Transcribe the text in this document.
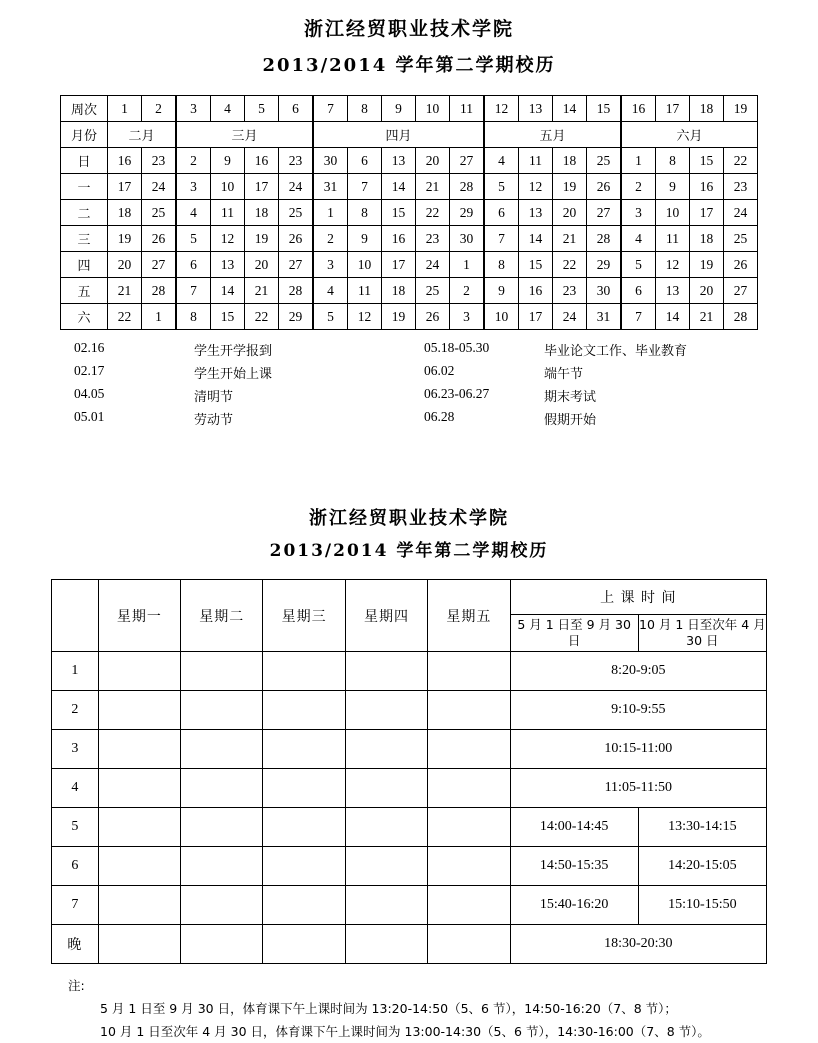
浙江经贸职业技术学院
2013/2014 学年第二学期校历
周次	1	2	3	4	5	6	7	8	9	10	11	12	13	14	15	16	17	18	19
月份	二月		三月				四月					五月				六月			
日	16	23	2	9	16	23	30	6	13	20	27	4	11	18	25	1	8	15	22
一	17	24	3	10	17	24	31	7	14	21	28	5	12	19	26	2	9	16	23
二	18	25	4	11	18	25	1	8	15	22	29	6	13	20	27	3	10	17	24
三	19	26	5	12	19	26	2	9	16	23	30	7	14	21	28	4	11	18	25
四	20	27	6	13	20	27	3	10	17	24	1	8	15	22	29	5	12	19	26
五	21	28	7	14	21	28	4	11	18	25	2	9	16	23	30	6	13	20	27
六	22	1	8	15	22	29	5	12	19	26	3	10	17	24	31	7	14	21	28
02.16	学生开学报到	05.18-05.30	毕业论文工作、毕业教育
02.17	学生开始上课	06.02	端午节
04.05	清明节	06.23-06.27	期末考试
05.01	劳动节	06.28	假期开始
浙江经贸职业技术学院
2013/2014 学年第二学期校历
	星期一	星期二	星期三	星期四	星期五	上 课 时 间	
						5 月 1 日至 9 月 30 日	10 月 1 日至次年 4 月 30 日
1						8:20-9:05	
2						9:10-9:55	
3						10:15-11:00	
4						11:05-11:50	
5						14:00-14:45	13:30-14:15
6						14:50-15:35	14:20-15:05
7						15:40-16:20	15:10-15:50
晚						18:30-20:30	
注:
5 月 1 日至 9 月 30 日，体育课下午上课时间为 13:20-14:50（5、6 节），14:50-16:20（7、8 节）；
10 月 1 日至次年 4 月 30 日，体育课下午上课时间为 13:00-14:30（5、6 节），14:30-16:00（7、8 节）。
